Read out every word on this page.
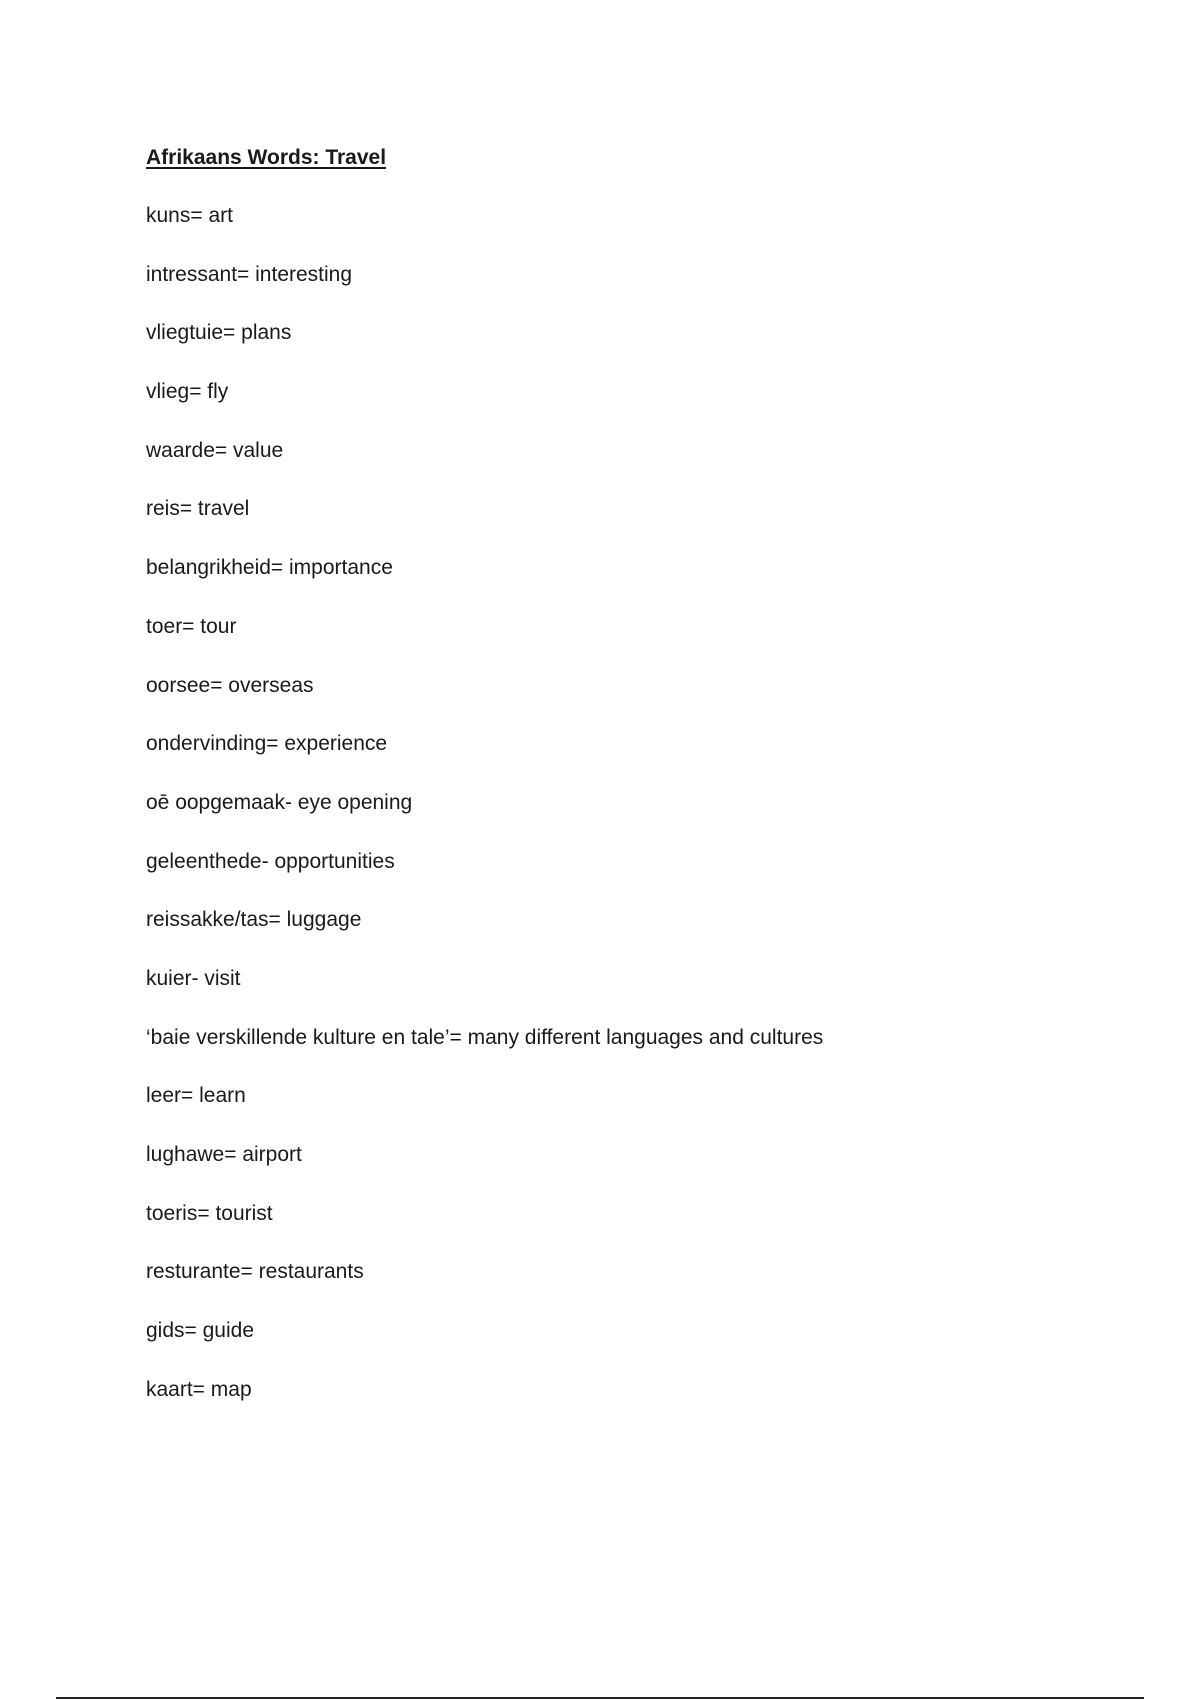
Afrikaans Words: Travel
kuns= art
intressant= interesting
vliegtuie= plans
vlieg= fly
waarde= value
reis= travel
belangrikheid= importance
toer= tour
oorsee= overseas
ondervinding= experience
oē oopgemaak- eye opening
geleenthede- opportunities
reissakke/tas= luggage
kuier- visit
‘baie verskillende kulture en tale’= many different languages and cultures
leer= learn
lughawe= airport
toeris= tourist
resturante= restaurants
gids= guide
kaart= map
